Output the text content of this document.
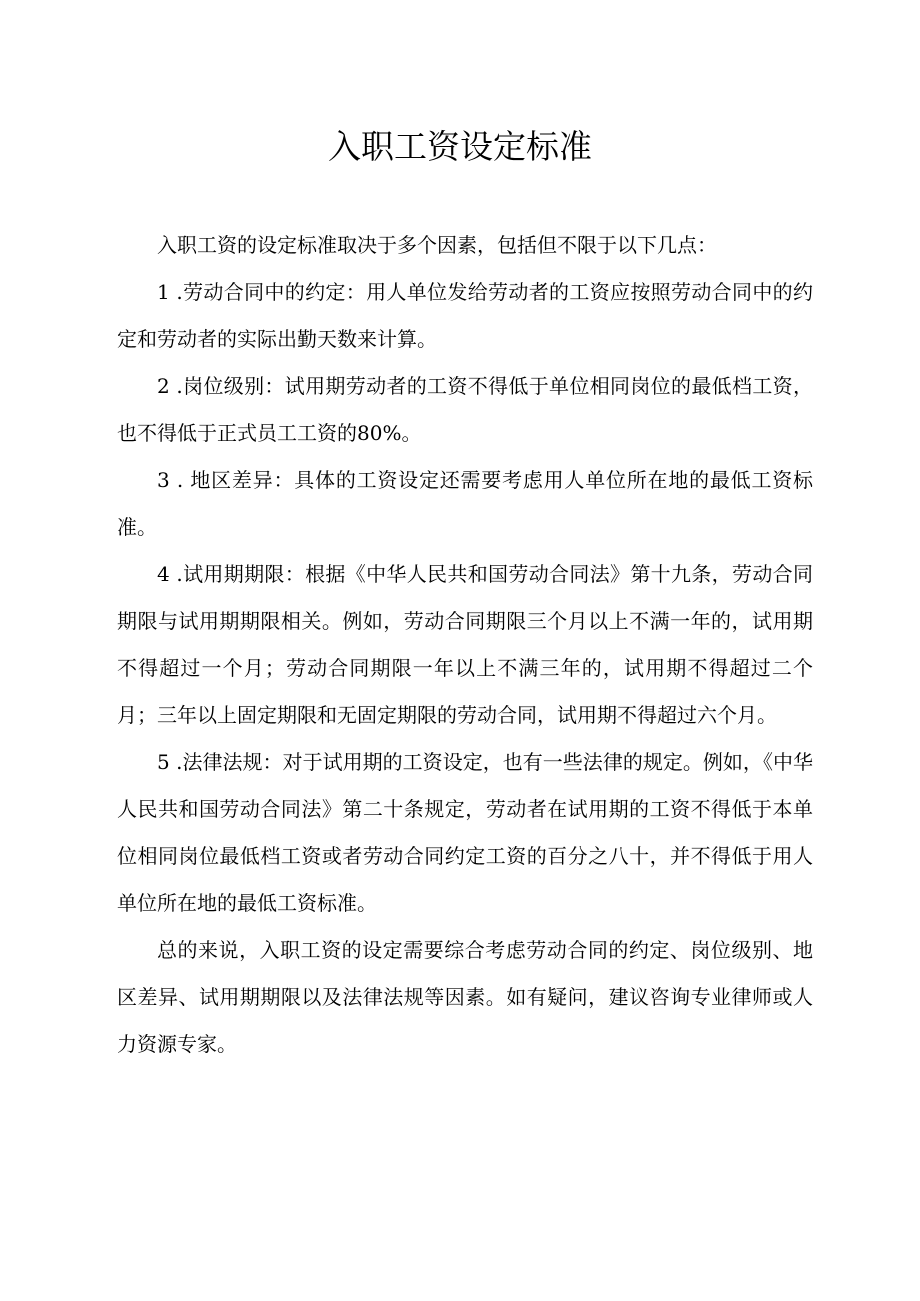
入职工资设定标准

入职工资的设定标准取决于多个因素，包括但不限于以下几点：

1 .劳动合同中的约定：用人单位发给劳动者的工资应按照劳动合同中的约定和劳动者的实际出勤天数来计算。

2 .岗位级别：试用期劳动者的工资不得低于单位相同岗位的最低档工资，也不得低于正式员工工资的80%。

3 . 地区差异：具体的工资设定还需要考虑用人单位所在地的最低工资标准。

4 .试用期期限：根据《中华人民共和国劳动合同法》第十九条，劳动合同期限与试用期期限相关。例如，劳动合同期限三个月以上不满一年的，试用期不得超过一个月；劳动合同期限一年以上不满三年的，试用期不得超过二个月；三年以上固定期限和无固定期限的劳动合同，试用期不得超过六个月。

5 .法律法规：对于试用期的工资设定，也有一些法律的规定。例如，《中华人民共和国劳动合同法》第二十条规定，劳动者在试用期的工资不得低于本单位相同岗位最低档工资或者劳动合同约定工资的百分之八十，并不得低于用人单位所在地的最低工资标准。

总的来说，入职工资的设定需要综合考虑劳动合同的约定、岗位级别、地区差异、试用期期限以及法律法规等因素。如有疑问，建议咨询专业律师或人力资源专家。
